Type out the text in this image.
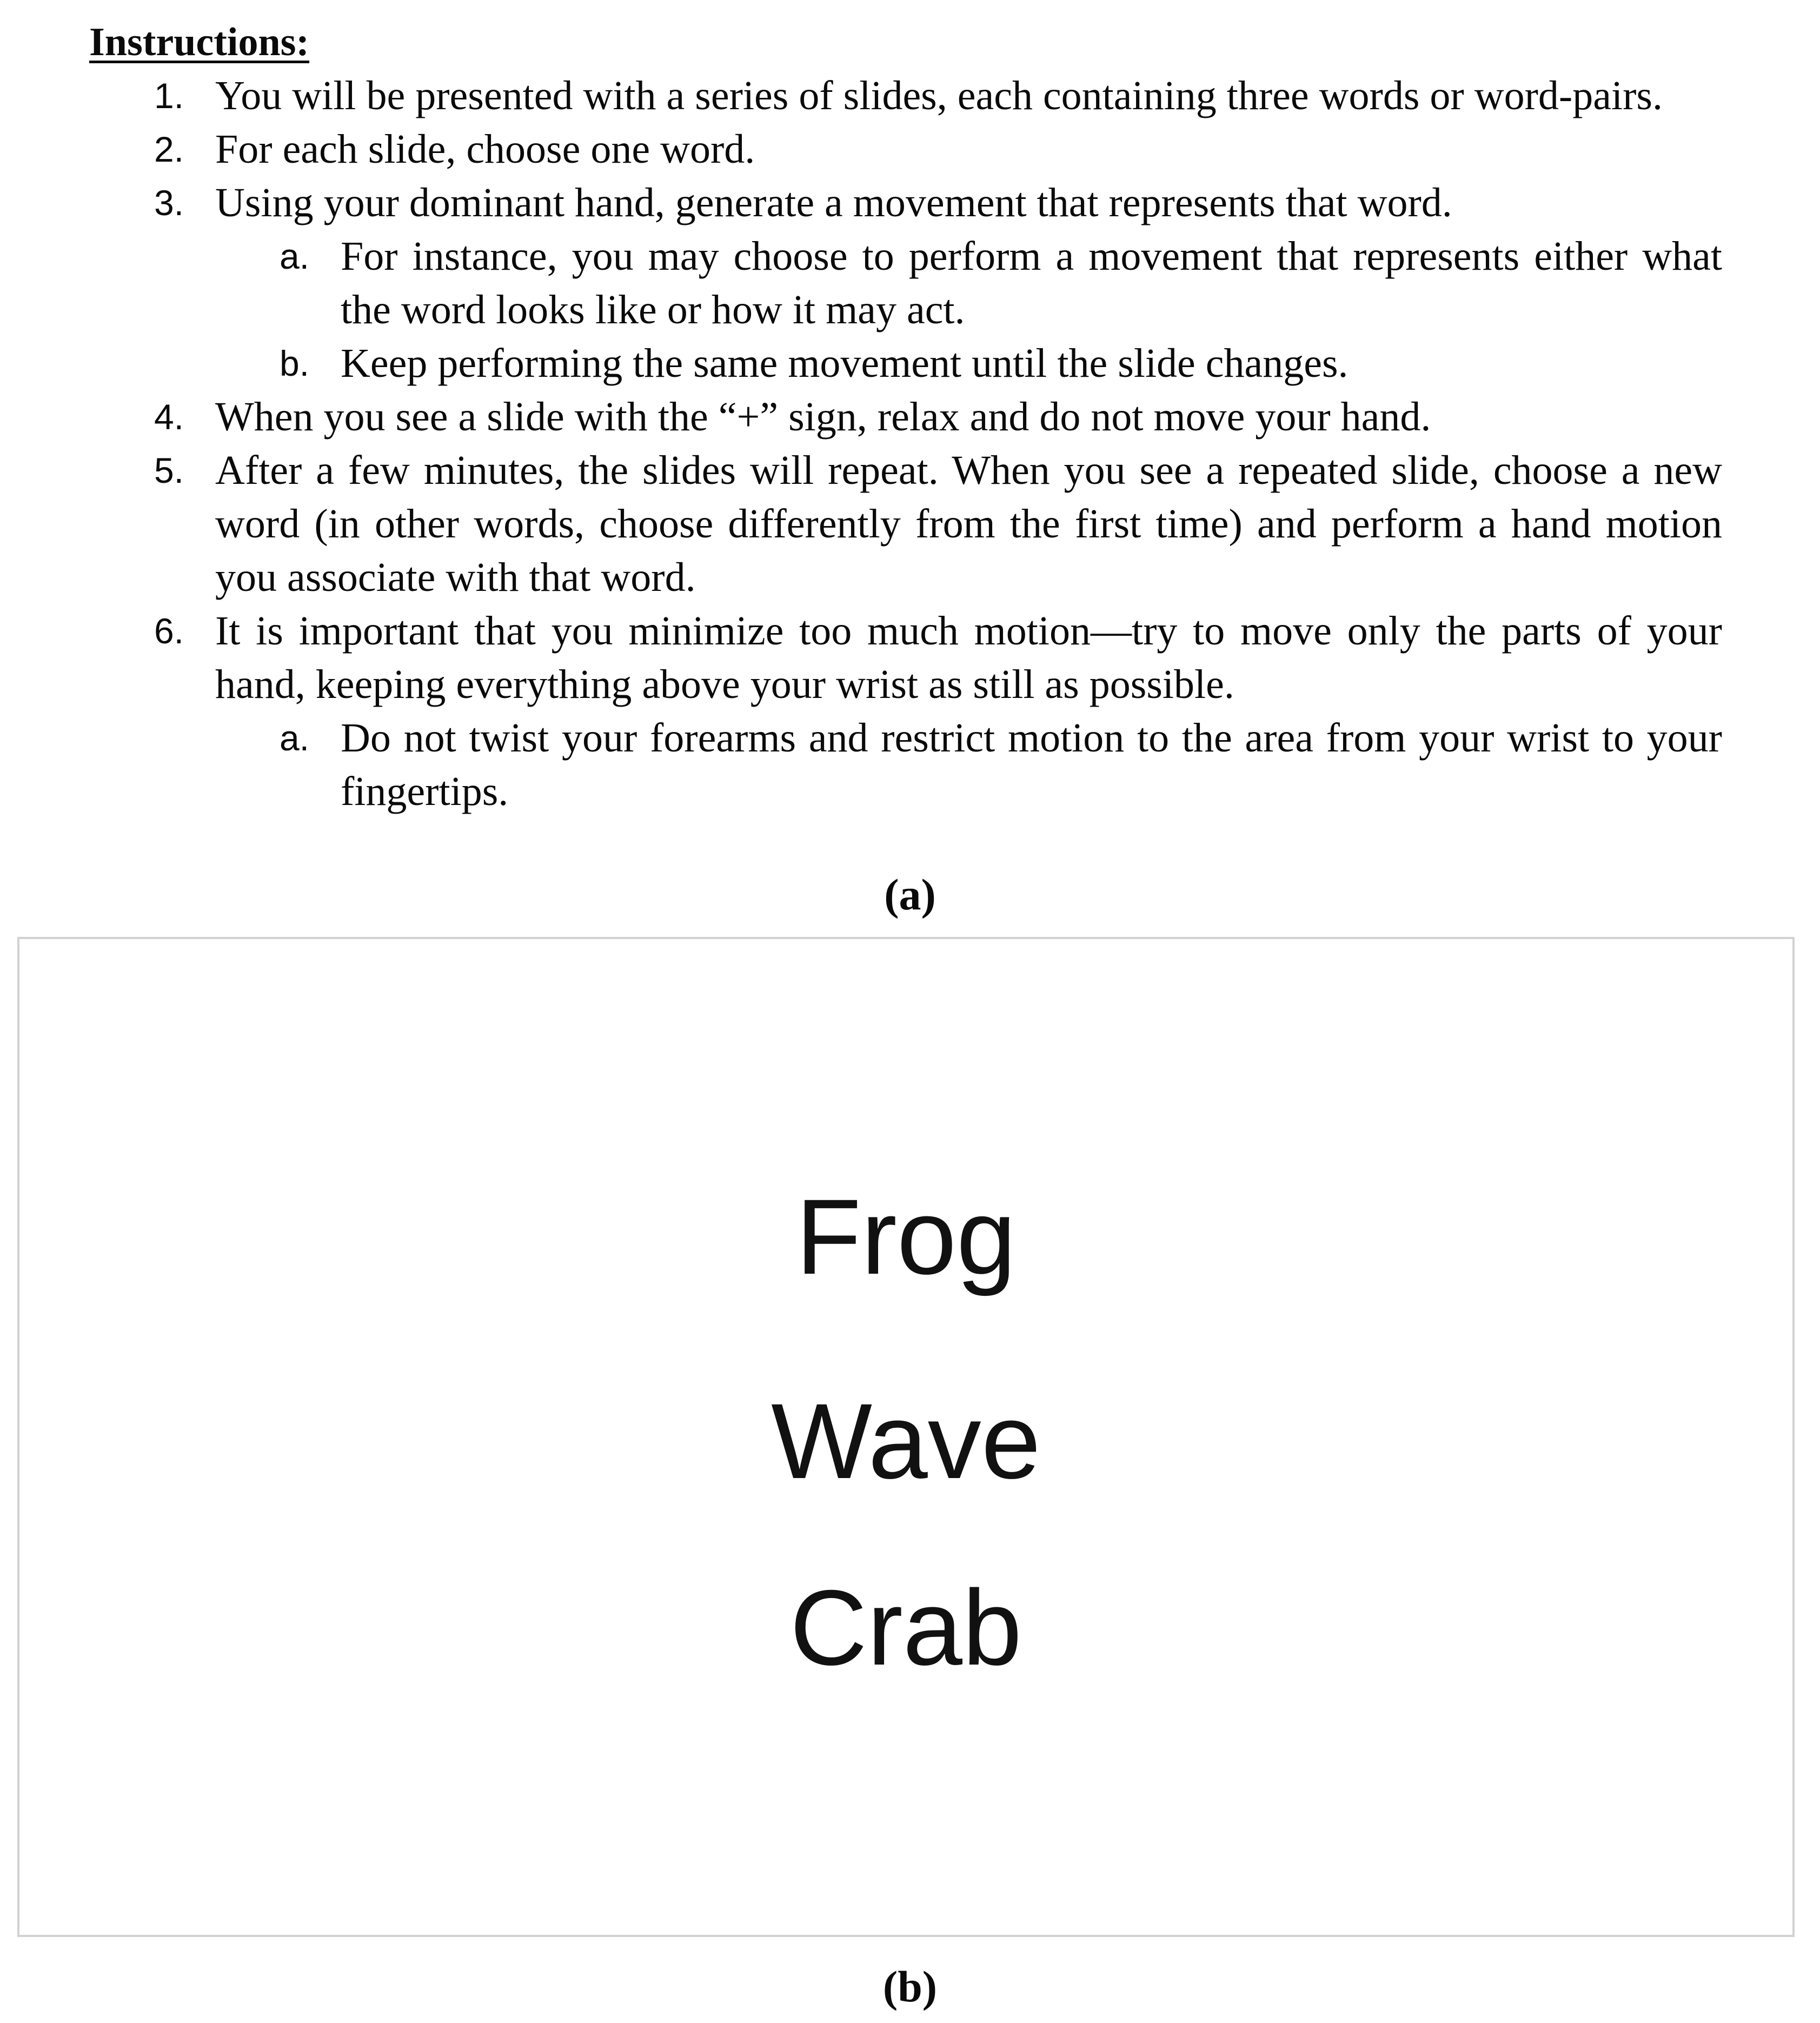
Instructions:
1. You will be presented with a series of slides, each containing three words or word-pairs.
2. For each slide, choose one word.
3. Using your dominant hand, generate a movement that represents that word.
a. For instance, you may choose to perform a movement that represents either what the word looks like or how it may act.
b. Keep performing the same movement until the slide changes.
4. When you see a slide with the “+” sign, relax and do not move your hand.
5. After a few minutes, the slides will repeat. When you see a repeated slide, choose a new word (in other words, choose differently from the first time) and perform a hand motion you associate with that word.
6. It is important that you minimize too much motion—try to move only the parts of your hand, keeping everything above your wrist as still as possible.
a. Do not twist your forearms and restrict motion to the area from your wrist to your fingertips.
(a)
Frog
Wave
Crab
(b)
